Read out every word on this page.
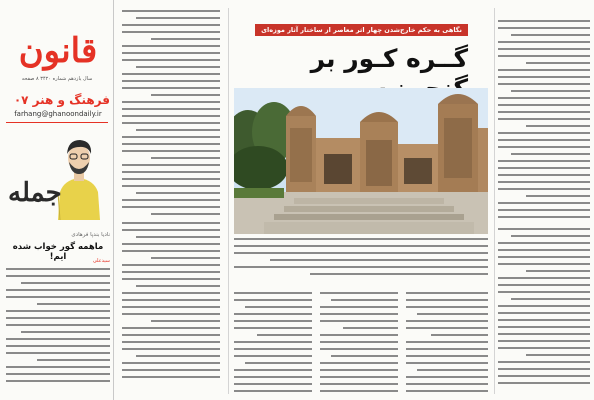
قانون
سال یازدهم شماره ۳۴۲۰ ۸ صفحه
فرهنگ و هنر ۰۷
farhang@ghanoondaily.ir
جمله
نادیا بندپا فرهادی
ماهمه گور خواب شده ایم!	سیدعلی
نگاهی به حکم خارج‌شدن چهار اثر معاصر از ساختار آثار موزه‌ای
گــره کـور بر
